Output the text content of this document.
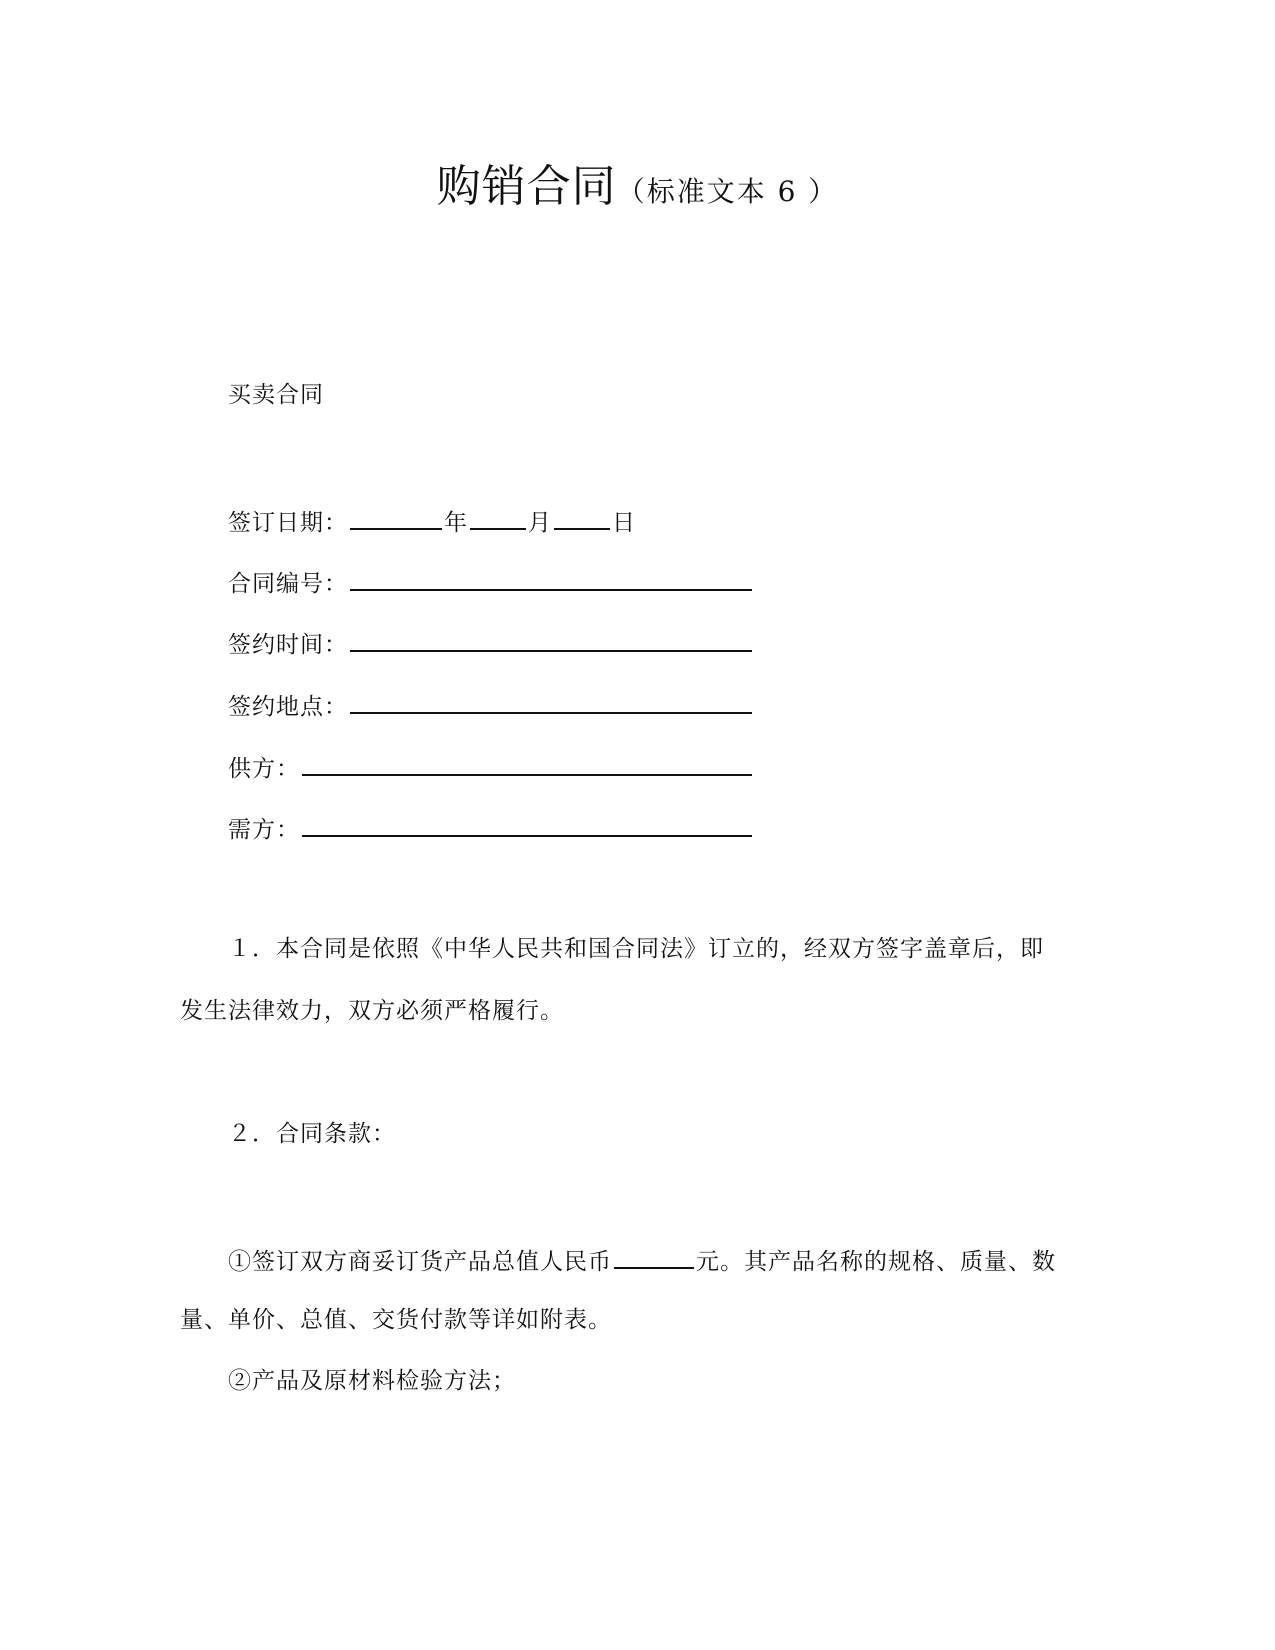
购销合同（标准文本 6 ）
买卖合同
签订日期：	年	月	日
合同编号：
签约时间：
签约地点：
供方：
需方：
１．本合同是依照《中华人民共和国合同法》订立的，经双方签字盖章后，即
发生法律效力，双方必须严格履行。
２．合同条款：
①签订双方商妥订货产品总值人民币	元。其产品名称的规格、质量、数
量、单价、总值、交货付款等详如附表。
②产品及原材料检验方法；
